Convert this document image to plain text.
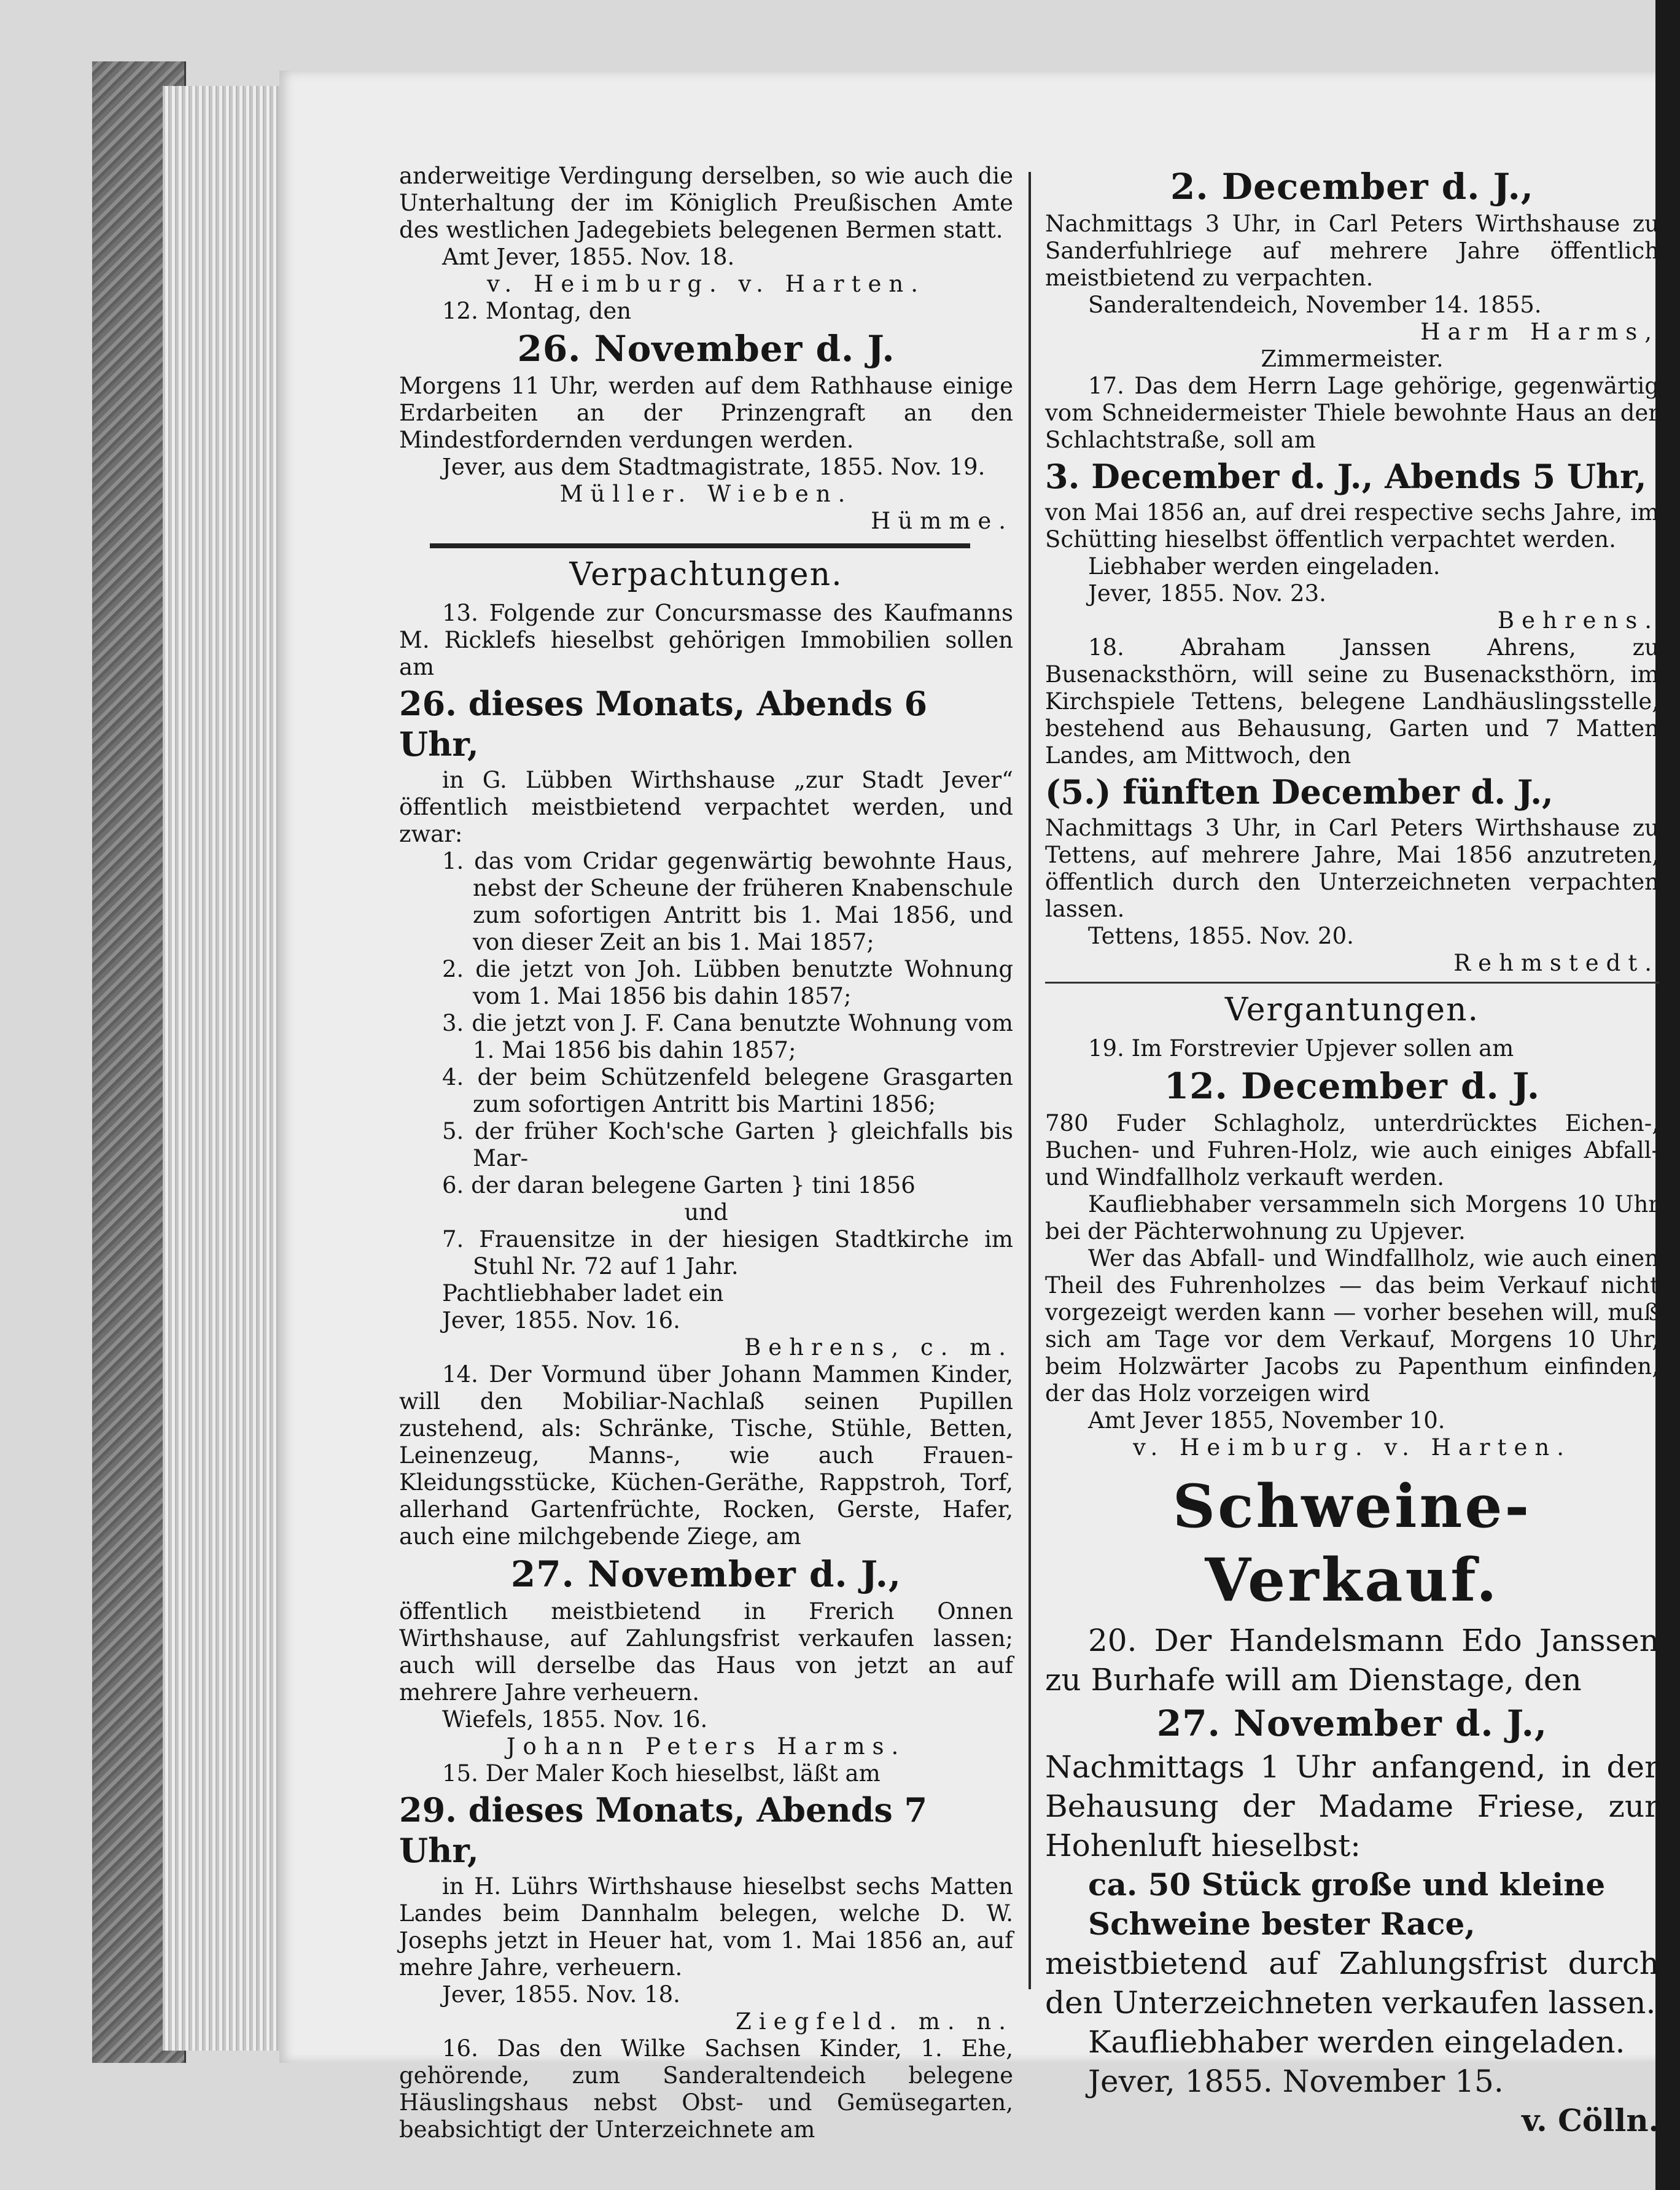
anderweitige Verdingung derselben, so wie auch die Unterhaltung der im Königlich Preußischen Amte des westlichen Jadegebiets belegenen Bermen statt.

Amt Jever, 1855. Nov. 18.

v. Heimburg. v. Harten.

12. Montag, den

26. November d. J.

Morgens 11 Uhr, werden auf dem Rathhause einige Erdarbeiten an der Prinzengraft an den Mindestfordernden verdungen werden.

Jever, aus dem Stadtmagistrate, 1855. Nov. 19.

Müller. Wieben.

Hümme.

Verpachtungen.

13. Folgende zur Concursmasse des Kaufmanns M. Ricklefs hieselbst gehörigen Immobilien sollen am

26. dieses Monats, Abends 6 Uhr,

in G. Lübben Wirthshause „zur Stadt Jever“ öffentlich meistbietend verpachtet werden, und zwar:

1. das vom Cridar gegenwärtig bewohnte Haus, nebst der Scheune der früheren Knabenschule zum sofortigen Antritt bis 1. Mai 1856, und von dieser Zeit an bis 1. Mai 1857;

2. die jetzt von Joh. Lübben benutzte Wohnung vom 1. Mai 1856 bis dahin 1857;

3. die jetzt von J. F. Cana benutzte Wohnung vom 1. Mai 1856 bis dahin 1857;

4. der beim Schützenfeld belegene Grasgarten zum sofortigen Antritt bis Martini 1856;

5. der früher Koch'sche Garten } gleichfalls bis Mar-

6. der daran belegene Garten } tini 1856

und

7. Frauensitze in der hiesigen Stadtkirche im Stuhl Nr. 72 auf 1 Jahr.

Pachtliebhaber ladet ein

Jever, 1855. Nov. 16.

Behrens, c. m.

14. Der Vormund über Johann Mammen Kinder, will den Mobiliar-Nachlaß seinen Pupillen zustehend, als: Schränke, Tische, Stühle, Betten, Leinenzeug, Manns-, wie auch Frauen-Kleidungsstücke, Küchen-Geräthe, Rappstroh, Torf, allerhand Gartenfrüchte, Rocken, Gerste, Hafer, auch eine milchgebende Ziege, am

27. November d. J.,

öffentlich meistbietend in Frerich Onnen Wirthshause, auf Zahlungsfrist verkaufen lassen; auch will derselbe das Haus von jetzt an auf mehrere Jahre verheuern.

Wiefels, 1855. Nov. 16.

Johann Peters Harms.

15. Der Maler Koch hieselbst, läßt am

29. dieses Monats, Abends 7 Uhr,

in H. Lührs Wirthshause hieselbst sechs Matten Landes beim Dannhalm belegen, welche D. W. Josephs jetzt in Heuer hat, vom 1. Mai 1856 an, auf mehre Jahre, verheuern.

Jever, 1855. Nov. 18.

Ziegfeld. m. n.

16. Das den Wilke Sachsen Kinder, 1. Ehe, gehörende, zum Sanderaltendeich belegene Häuslingshaus nebst Obst- und Gemüsegarten, beabsichtigt der Unterzeichnete am

2. December d. J.,

Nachmittags 3 Uhr, in Carl Peters Wirthshause zu Sanderfuhlriege auf mehrere Jahre öffentlich meistbietend zu verpachten.

Sanderaltendeich, November 14. 1855.

Harm Harms,

Zimmermeister.

17. Das dem Herrn Lage gehörige, gegenwärtig vom Schneidermeister Thiele bewohnte Haus an der Schlachtstraße, soll am

3. December d. J., Abends 5 Uhr,

von Mai 1856 an, auf drei respective sechs Jahre, im Schütting hieselbst öffentlich verpachtet werden.

Liebhaber werden eingeladen.

Jever, 1855. Nov. 23.

Behrens.

18. Abraham Janssen Ahrens, zu Busenacksthörn, will seine zu Busenacksthörn, im Kirchspiele Tettens, belegene Landhäuslingsstelle, bestehend aus Behausung, Garten und 7 Matten Landes, am Mittwoch, den

(5.) fünften December d. J.,

Nachmittags 3 Uhr, in Carl Peters Wirthshause zu Tettens, auf mehrere Jahre, Mai 1856 anzutreten, öffentlich durch den Unterzeichneten verpachten lassen.

Tettens, 1855. Nov. 20.

Rehmstedt.

Vergantungen.

19. Im Forstrevier Upjever sollen am

12. December d. J.

780 Fuder Schlagholz, unterdrücktes Eichen-, Buchen- und Fuhren-Holz, wie auch einiges Abfall- und Windfallholz verkauft werden.

Kaufliebhaber versammeln sich Morgens 10 Uhr bei der Pächterwohnung zu Upjever.

Wer das Abfall- und Windfallholz, wie auch einen Theil des Fuhrenholzes — das beim Verkauf nicht vorgezeigt werden kann — vorher besehen will, muß sich am Tage vor dem Verkauf, Morgens 10 Uhr, beim Holzwärter Jacobs zu Papenthum einfinden, der das Holz vorzeigen wird

Amt Jever 1855, November 10.

v. Heimburg. v. Harten.

Schweine-Verkauf.

20. Der Handelsmann Edo Janssen zu Burhafe will am Dienstage, den

27. November d. J.,

Nachmittags 1 Uhr anfangend, in der Behausung der Madame Friese, zur Hohenluft hieselbst:

ca. 50 Stück große und kleine Schweine bester Race,

meistbietend auf Zahlungsfrist durch den Unterzeichneten verkaufen lassen.

Kaufliebhaber werden eingeladen.

Jever, 1855. November 15.

v. Cölln.
